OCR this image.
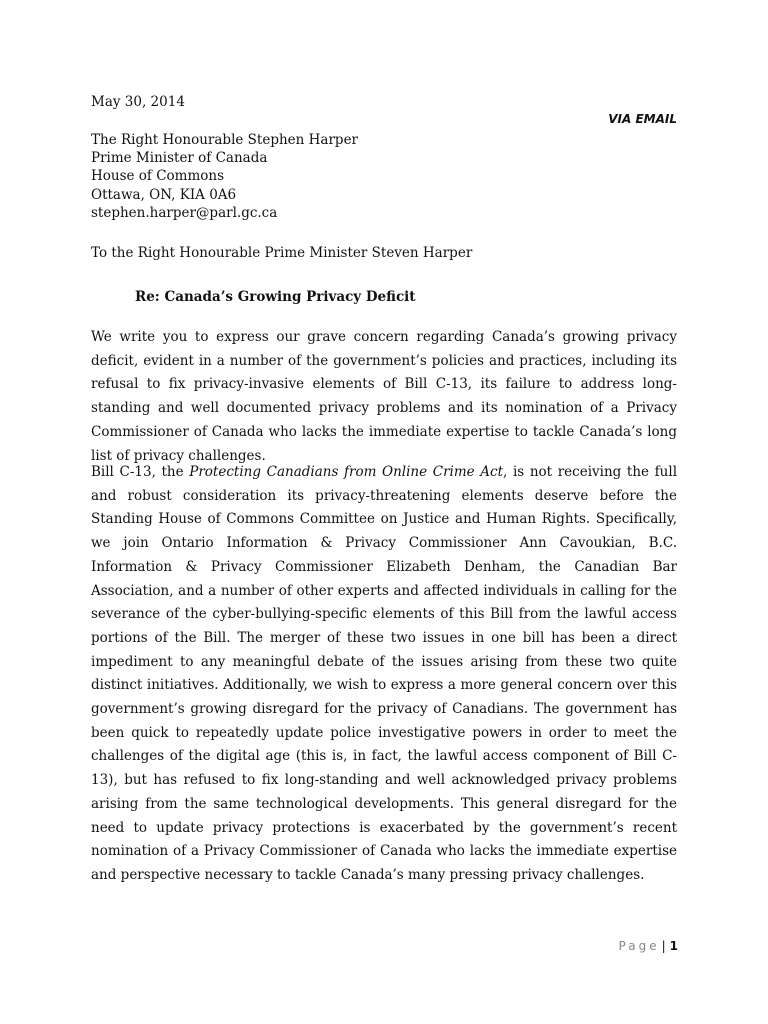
May 30, 2014
VIA EMAIL
The Right Honourable Stephen Harper
Prime Minister of Canada
House of Commons
Ottawa, ON, KIA 0A6
stephen.harper@parl.gc.ca
To the Right Honourable Prime Minister Steven Harper
Re: Canada’s Growing Privacy Deficit

We write you to express our grave concern regarding Canada’s growing privacy deficit, evident in a number of the government’s policies and practices, including its refusal to fix privacy-invasive elements of Bill C-13, its failure to address long-standing and well documented privacy problems and its nomination of a Privacy Commissioner of Canada who lacks the immediate expertise to tackle Canada’s long list of privacy challenges.

Bill C-13, the Protecting Canadians from Online Crime Act, is not receiving the full and robust consideration its privacy-threatening elements deserve before the Standing House of Commons Committee on Justice and Human Rights. Specifically, we join Ontario Information & Privacy Commissioner Ann Cavoukian, B.C. Information & Privacy Commissioner Elizabeth Denham, the Canadian Bar Association, and a number of other experts and affected individuals in calling for the severance of the cyber-bullying-specific elements of this Bill from the lawful access portions of the Bill. The merger of these two issues in one bill has been a direct impediment to any meaningful debate of the issues arising from these two quite distinct initiatives. Additionally, we wish to express a more general concern over this government’s growing disregard for the privacy of Canadians. The government has been quick to repeatedly update police investigative powers in order to meet the challenges of the digital age (this is, in fact, the lawful access component of Bill C-13), but has refused to fix long-standing and well acknowledged privacy problems arising from the same technological developments. This general disregard for the need to update privacy protections is exacerbated by the government’s recent nomination of a Privacy Commissioner of Canada who lacks the immediate expertise and perspective necessary to tackle Canada’s many pressing privacy challenges.

Page | 1
